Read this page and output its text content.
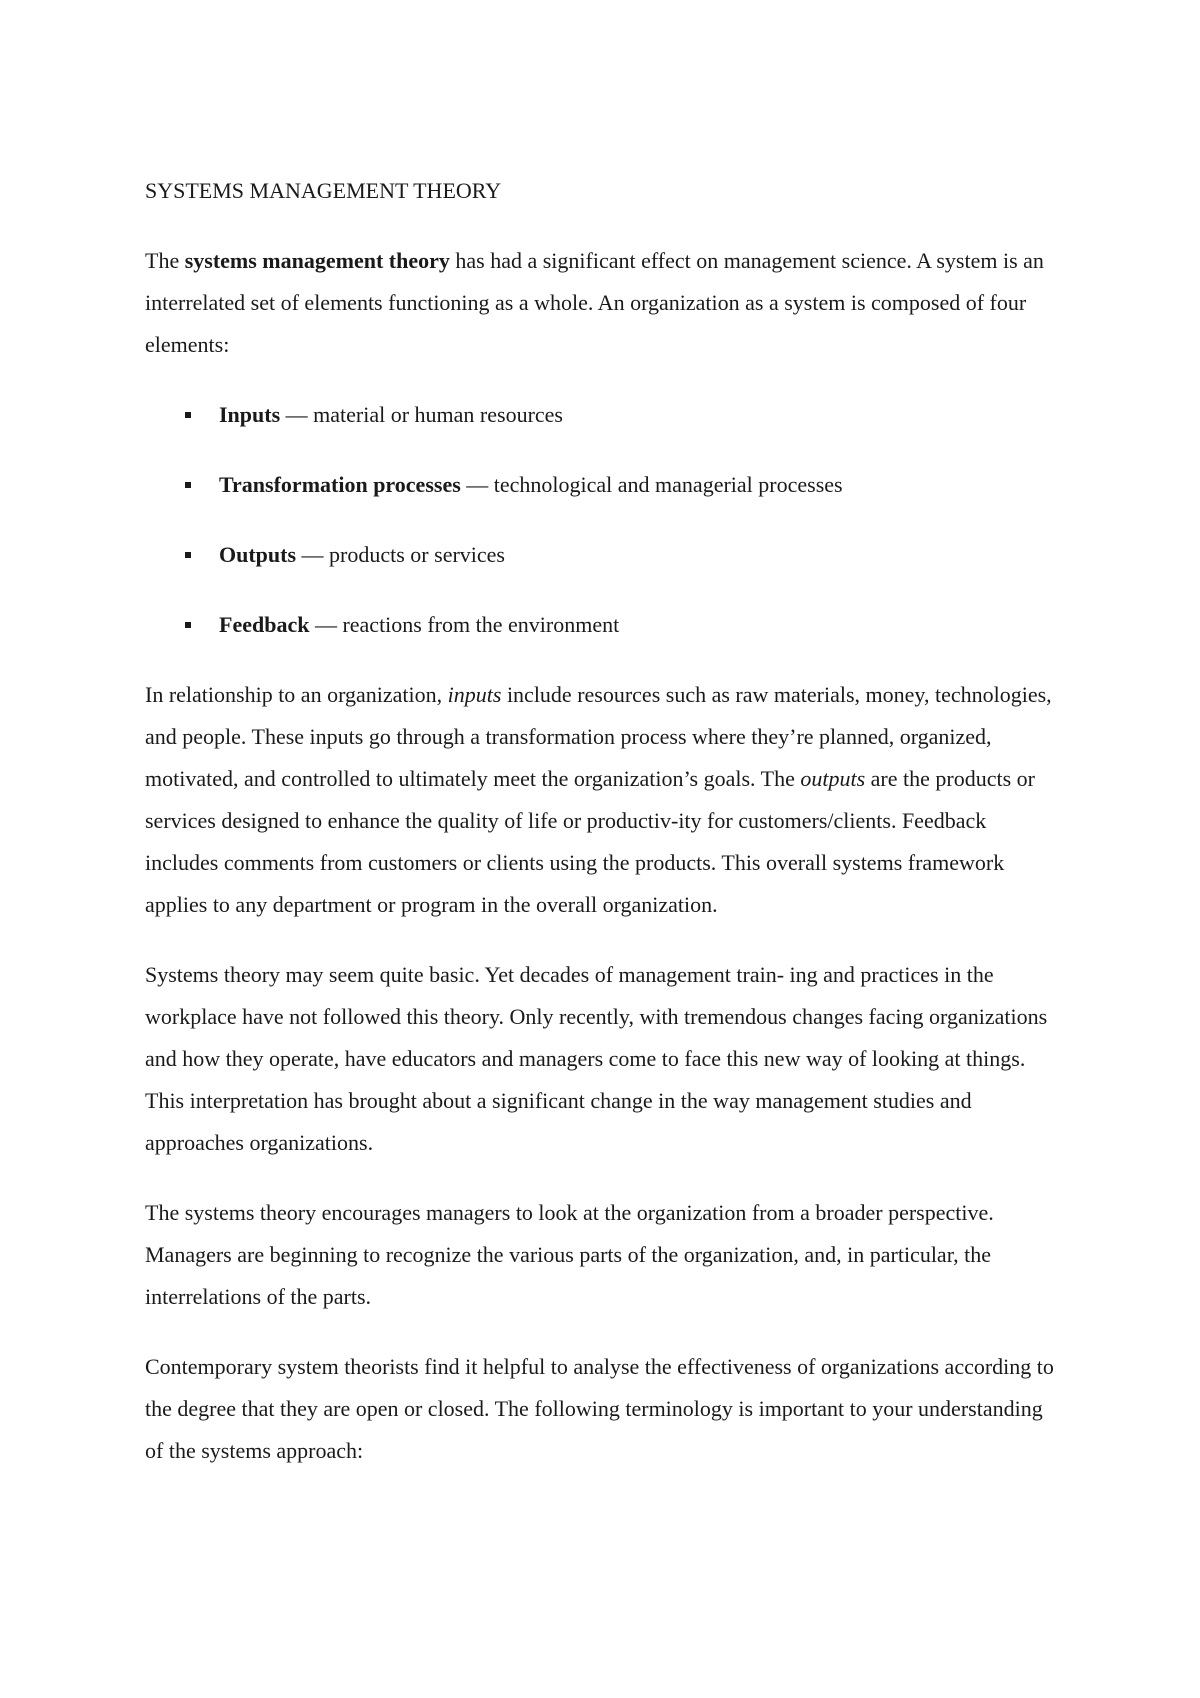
SYSTEMS MANAGEMENT THEORY

The systems management theory has had a significant effect on management science. A system is an interrelated set of elements functioning as a whole. An organization as a system is composed of four elements:

Inputs — material or human resources
Transformation processes — technological and managerial processes
Outputs — products or services
Feedback — reactions from the environment

In relationship to an organization, inputs include resources such as raw materials, money, technologies, and people. These inputs go through a transformation process where they’re planned, organized, motivated, and controlled to ultimately meet the organization’s goals. The outputs are the products or services designed to enhance the quality of life or productiv-ity for customers/clients. Feedback includes comments from customers or clients using the products. This overall systems framework applies to any department or program in the overall organization.

Systems theory may seem quite basic. Yet decades of management train- ing and practices in the workplace have not followed this theory. Only recently, with tremendous changes facing organizations and how they operate, have educators and managers come to face this new way of looking at things. This interpretation has brought about a significant change in the way management studies and approaches organizations.

The systems theory encourages managers to look at the organization from a broader perspective. Managers are beginning to recognize the various parts of the organization, and, in particular, the interrelations of the parts.

Contemporary system theorists find it helpful to analyse the effectiveness of organizations according to the degree that they are open or closed. The following terminology is important to your understanding of the systems approach:
